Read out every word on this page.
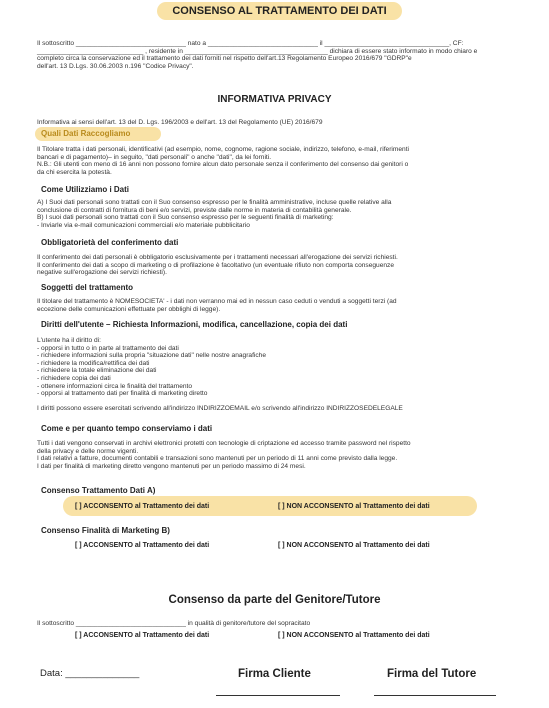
CONSENSO AL TRATTAMENTO DEI DATI
Il sottoscritto ______________________________ nato a ______________________________ il __________________________________, CF:
_____________________________ , residente in _______________________________________ dichiara di essere stato informato in modo chiaro e
completo circa la conservazione ed il trattamento dei dati forniti nel rispetto dell'art.13 Regolamento Europeo 2016/679 "GDRP"e
dell'art. 13 D.Lgs. 30.06.2003 n.196 "Codice Privacy".
INFORMATIVA PRIVACY
Informativa ai sensi dell'art. 13 del D. Lgs. 196/2003 e dell'art. 13 del Regolamento (UE) 2016/679
Quali Dati Raccogliamo
Il Titolare tratta i dati personali, identificativi (ad esempio, nome, cognome, ragione sociale, indirizzo, telefono, e-mail, riferimenti
bancari e di pagamento)– in seguito, "dati personali" o anche "dati", da lei forniti.
N.B.: Gli utenti con meno di 16 anni non possono fornire alcun dato personale senza il conferimento del consenso dai genitori o
da chi esercita la potestà.
Come Utilizziamo i Dati
A) I Suoi dati personali sono trattati con il Suo consenso espresso per le finalità amministrative, incluse quelle relative alla
conclusione di contratti di fornitura di beni e/o servizi, previste dalle norme in materia di contabilità generale.
B) I suoi dati personali sono trattati con il Suo consenso espresso per le seguenti finalità di marketing:
- Inviarle via e-mail comunicazioni commerciali e/o materiale pubblicitario
Obbligatorietà del conferimento dati
Il conferimento dei dati personali è obbligatorio esclusivamente per i trattamenti necessari all'erogazione dei servizi richiesti.
Il conferimento dei dati a scopo di marketing o di profilazione è facoltativo (un eventuale rifiuto non comporta conseguenze
negative sull'erogazione dei servizi richiesti).
Soggetti del trattamento
Il titolare del trattamento è NOMESOCIETA' - i dati non verranno mai ed in nessun caso ceduti o venduti a soggetti terzi (ad
eccezione delle comunicazioni effettuate per obblighi di legge).
Diritti dell'utente – Richiesta Informazioni, modifica, cancellazione, copia dei dati
L'utente ha il diritto di:
- opporsi in tutto o in parte al trattamento dei dati
- richiedere informazioni sulla propria "situazione dati" nelle nostre anagrafiche
- richiedere la modifica/rettifica dei dati
- richiedere la totale eliminazione dei dati
- richiedere copia dei dati
- ottenere informazioni circa le finalità del trattamento
- opporsi al trattamento dati per finalità di marketing diretto
I diritti possono essere esercitati scrivendo all'indirizzo INDIRIZZOEMAIL e/o scrivendo all'indirizzo INDIRIZZOSEDELEGALE
Come e per quanto tempo conserviamo i dati
Tutti i dati vengono conservati in archivi elettronici protetti con tecnologie di criptazione ed accesso tramite password nel rispetto
della privacy e delle norme vigenti.
I dati relativi a fatture, documenti contabili e transazioni sono mantenuti per un periodo di 11 anni come previsto dalla legge.
I dati per finalità di marketing diretto vengono mantenuti per un periodo massimo di 24 mesi.
Consenso Trattamento Dati A)
[ ] ACCONSENTO al Trattamento dei dati	[ ] NON ACCONSENTO al Trattamento dei dati
Consenso Finalità di Marketing B)
[ ] ACCONSENTO al Trattamento dei dati	[ ] NON ACCONSENTO al Trattamento dei dati
Consenso da parte del Genitore/Tutore
Il sottoscritto ______________________________ in qualità di genitore/tutore del sopracitato
[ ] ACCONSENTO al Trattamento dei dati	[ ] NON ACCONSENTO al Trattamento dei dati
Data: ______________	Firma Cliente	Firma del Tutore
